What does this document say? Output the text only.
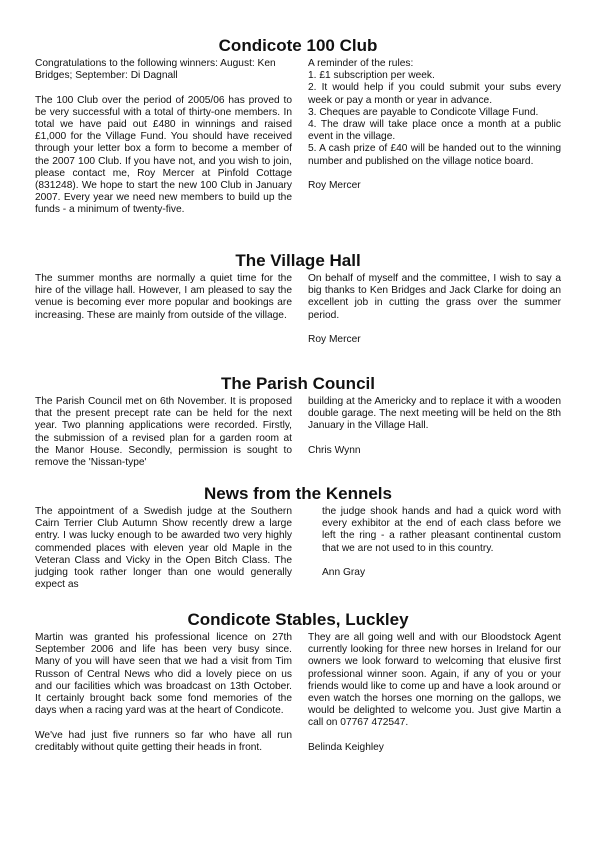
Condicote 100 Club

Congratulations to the following winners: August: Ken Bridges; September: Di Dagnall

The 100 Club over the period of 2005/06 has proved to be very successful with a total of thirty-one members. In total we have paid out £480 in winnings and raised £1,000 for the Village Fund. You should have received through your letter box a form to become a member of the 2007 100 Club. If you have not, and you wish to join, please contact me, Roy Mercer at Pinfold Cottage (831248). We hope to start the new 100 Club in January 2007. Every year we need new members to build up the funds - a minimum of twenty-five.

A reminder of the rules:

1. £1 subscription per week.

2. It would help if you could submit your subs every week or pay a month or year in advance.

3. Cheques are payable to Condicote Village Fund.

4. The draw will take place once a month at a public event in the village.

5. A cash prize of £40 will be handed out to the winning number and published on the village notice board.

Roy Mercer

The Village Hall

The summer months are normally a quiet time for the hire of the village hall. However, I am pleased to say the venue is becoming ever more popular and bookings are increasing. These are mainly from outside of the village.

On behalf of myself and the committee, I wish to say a big thanks to Ken Bridges and Jack Clarke for doing an excellent job in cutting the grass over the summer period.

Roy Mercer

The Parish Council

The Parish Council met on 6th November. It is proposed that the present precept rate can be held for the next year. Two planning applications were recorded. Firstly, the submission of a revised plan for a garden room at the Manor House. Secondly, permission is sought to remove the 'Nissan-type'

building at the Americky and to replace it with a wooden double garage. The next meeting will be held on the 8th January in the Village Hall.

Chris Wynn

News from the Kennels

The appointment of a Swedish judge at the Southern Cairn Terrier Club Autumn Show recently drew a large entry. I was lucky enough to be awarded two very highly commended places with eleven year old Maple in the Veteran Class and Vicky in the Open Bitch Class. The judging took rather longer than one would generally expect as

the judge shook hands and had a quick word with every exhibitor at the end of each class before we left the ring - a rather pleasant continental custom that we are not used to in this country.

Ann Gray

Condicote Stables, Luckley

Martin was granted his professional licence on 27th September 2006 and life has been very busy since. Many of you will have seen that we had a visit from Tim Russon of Central News who did a lovely piece on us and our facilities which was broadcast on 13th October. It certainly brought back some fond memories of the days when a racing yard was at the heart of Condicote.

We've had just five runners so far who have all run creditably without quite getting their heads in front.

They are all going well and with our Bloodstock Agent currently looking for three new horses in Ireland for our owners we look forward to welcoming that elusive first professional winner soon. Again, if any of you or your friends would like to come up and have a look around or even watch the horses one morning on the gallops, we would be delighted to welcome you. Just give Martin a call on 07767 472547.

Belinda Keighley
